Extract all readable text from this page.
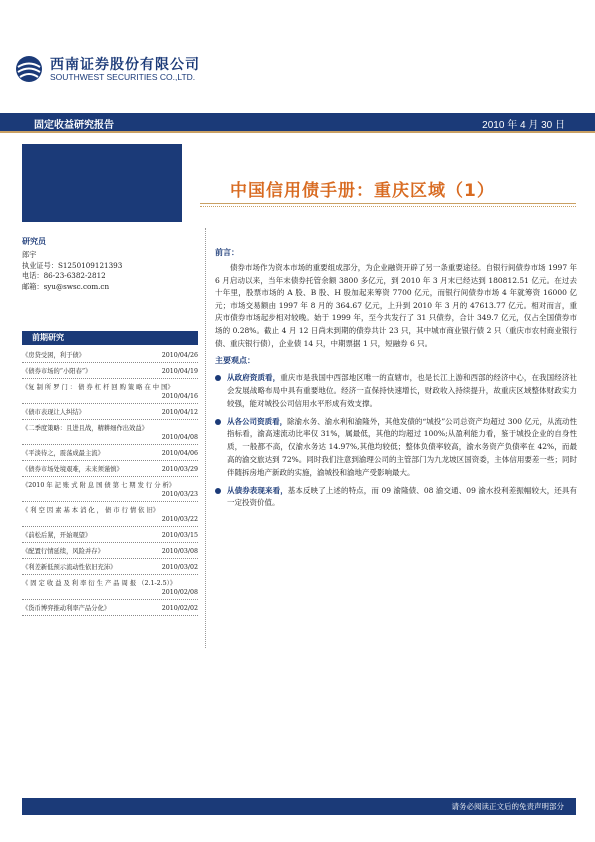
西南证券股份有限公司
SOUTHWEST SECURITIES CO.,LTD.
固定收益研究报告	2010 年 4 月 30 日
中国信用债手册：重庆区域（1）
研究员
郎宇
执业证号：S1250109121393
电话：86-23-6382-2812
邮箱：syu@swsc.com.cn
前期研究
《房贷受困，利于债》	2010/04/26
《债券市场的“小阳春”》	2010/04/19
《复 制 所 罗 门 ： 债 券 杠 杆 回 购 策 略 在 中 国》
2010/04/16
《债市表现让人纠结》	2010/04/12
《二季度策略：且进且战，精耕细作出效益》
2010/04/08
《平淡待之，震荡成最主流》	2010/04/06
《债券市场处境艰难，未来须谨慎》	2010/03/29
《2010 年 記 账 式 附 息 国 债 第 七 期 发 行 分 析》
2010/03/23
《 利 空 因 素 基 本 消 化 ， 债 市 行 情 依 旧》
2010/03/22
《前松后紧，开始观望》	2010/03/15
《配置行情延续，风险并存》	2010/03/08
《利差新低预示流动性依旧充沛》	2010/03/02
《 固 定 收 益 及 利 率 衍 生 产 品 周 报 （2.1-2.5）》
2010/02/08
《货币博弈推动利率产品分化》	2010/02/02
前言：

债券市场作为资本市场的重要组成部分，为企业融资开辟了另一条重要途径。自银行间债券市场 1997 年 6 月启动以来，当年末债券托管余额 3800 多亿元，到 2010 年 3 月末已经达到 180812.51 亿元。在过去十年里，股票市场的 A 股、B 股、H 股加起来筹资 7700 亿元，而银行间债券市场 4 年就筹资 16000 亿元；市场交易额由 1997 年 8 月的 364.67 亿元，上升到 2010 年 3 月的 47613.77 亿元。相对而言，重庆市债券市场起步相对较晚。始于 1999 年，至今共发行了 31 只债券，合计 349.7 亿元，仅占全国债券市场的 0.28%。截止 4 月 12 日尚未到期的债券共计 23 只，其中城市商业银行债 2 只（重庆市农村商业银行债、重庆银行债），企业债 14 只，中期票据 1 只，短融券 6 只。

主要观点：
从政府资质看，重庆市是我国中西部地区唯一的直辖市，也是长江上游和西部的经济中心，在我国经济社会发展战略布局中具有重要地位。经济一直保持快速增长，财政收入持续提升，故重庆区域整体财政实力较强，能对城投公司信用水平形成有效支撑。
从各公司资质看，除渝水务、渝水利和渝隆外，其他发债的“城投”公司总资产均超过 300 亿元，从流动性指标看，渝高速流动比率仅 31%，属最低，其他的均超过 100%;从盈利能力看，鉴于城投企业的自身性质，一般都不高，仅渝水务达 14.97%,其他均较低；整体负债率较高，渝水务资产负债率在 42%，而最高的渝交旅达到 72%。同时我们注意到渝理公司的主管部门为九龙坡区国资委，主体信用要差一些；同时伴随拆房地产新政的实施，渝城投和渝地产受影响最大。
从债券表现来看，基本反映了上述的特点，而 09 渝隆债、08 渝交通、09 渝水投利差振幅较大，还具有一定投资价值。
请务必阅读正文后的免责声明部分
